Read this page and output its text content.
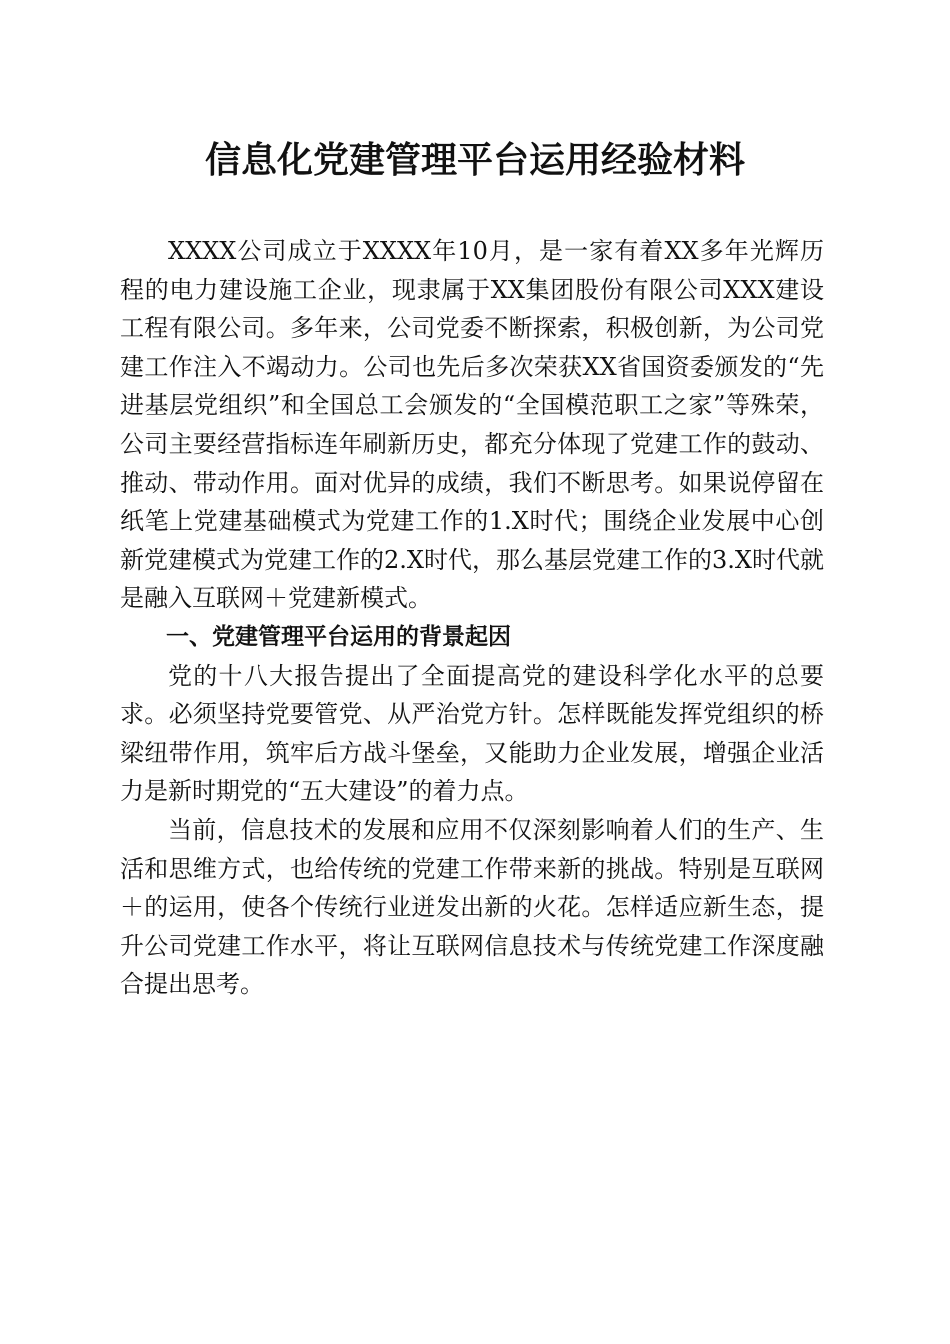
信息化党建管理平台运用经验材料

XXXX公司成立于XXXX年10月，是一家有着XX多年光辉历程的电力建设施工企业，现隶属于XX集团股份有限公司XXX建设工程有限公司。多年来，公司党委不断探索，积极创新，为公司党建工作注入不竭动力。公司也先后多次荣获XX省国资委颁发的“先进基层党组织”和全国总工会颁发的“全国模范职工之家”等殊荣，公司主要经营指标连年刷新历史，都充分体现了党建工作的鼓动、推动、带动作用。面对优异的成绩，我们不断思考。如果说停留在纸笔上党建基础模式为党建工作的1.X时代；围绕企业发展中心创新党建模式为党建工作的2.X时代，那么基层党建工作的3.X时代就是融入互联网＋党建新模式。

一、党建管理平台运用的背景起因

党的十八大报告提出了全面提高党的建设科学化水平的总要求。必须坚持党要管党、从严治党方针。怎样既能发挥党组织的桥梁纽带作用，筑牢后方战斗堡垒，又能助力企业发展，增强企业活力是新时期党的“五大建设”的着力点。

当前，信息技术的发展和应用不仅深刻影响着人们的生产、生活和思维方式，也给传统的党建工作带来新的挑战。特别是互联网＋的运用，使各个传统行业迸发出新的火花。怎样适应新生态，提升公司党建工作水平，将让互联网信息技术与传统党建工作深度融合提出思考。
